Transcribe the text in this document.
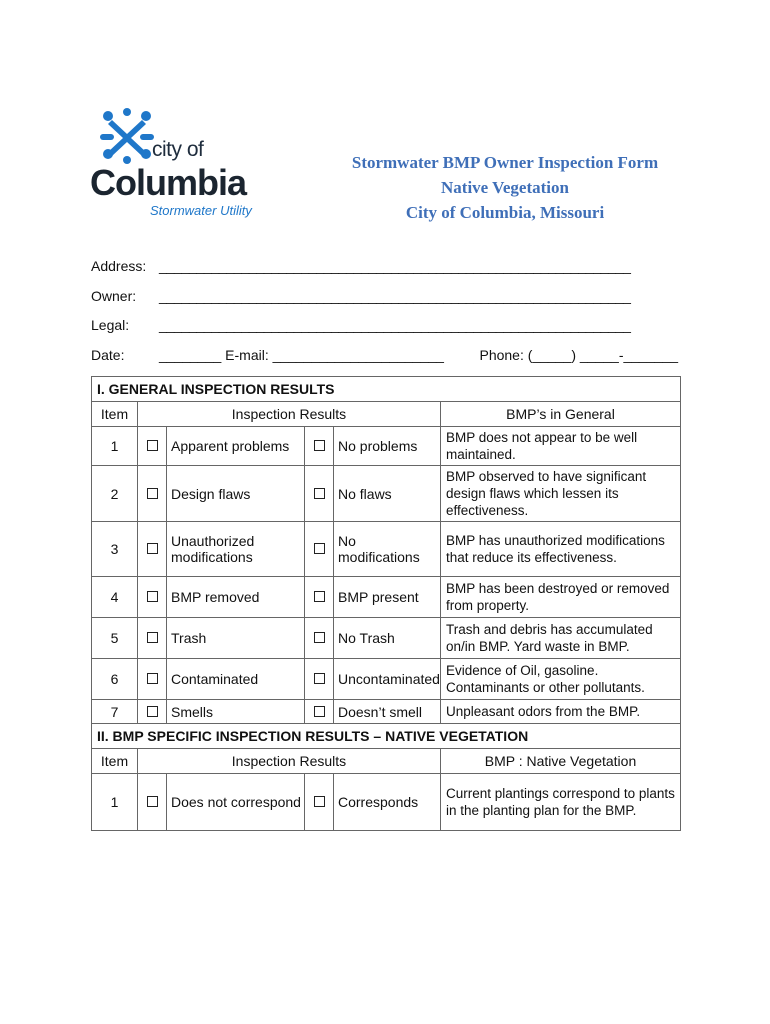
city of
Columbia
Stormwater Utility
Stormwater BMP Owner Inspection Form
Native Vegetation
City of Columbia, Missouri
Address: _______________________________________________________________
Owner: _______________________________________________________________
Legal: _______________________________________________________________
Date: ________ E-mail: ______________________	Phone: (_____) _____-_______
I. GENERAL INSPECTION RESULTS					
Item	Inspection Results				BMP’s in General
1		Apparent problems		No problems	BMP does not appear to be well maintained.
2		Design flaws		No flaws	BMP observed to have significant design flaws which lessen its effectiveness.
3		Unauthorized modifications		No modifications	BMP has unauthorized modifications that reduce its effectiveness.
4		BMP removed		BMP present	BMP has been destroyed or removed from property.
5		Trash		No Trash	Trash and debris has accumulated on/in BMP. Yard waste in BMP.
6		Contaminated		Uncontaminated	Evidence of Oil, gasoline. Contaminants or other pollutants.
7		Smells		Doesn’t smell	Unpleasant odors from the BMP.
II. BMP SPECIFIC INSPECTION RESULTS – NATIVE VEGETATION					
Item	Inspection Results				BMP : Native Vegetation
1		Does not correspond		Corresponds	Current plantings correspond to plants in the planting plan for the BMP.
